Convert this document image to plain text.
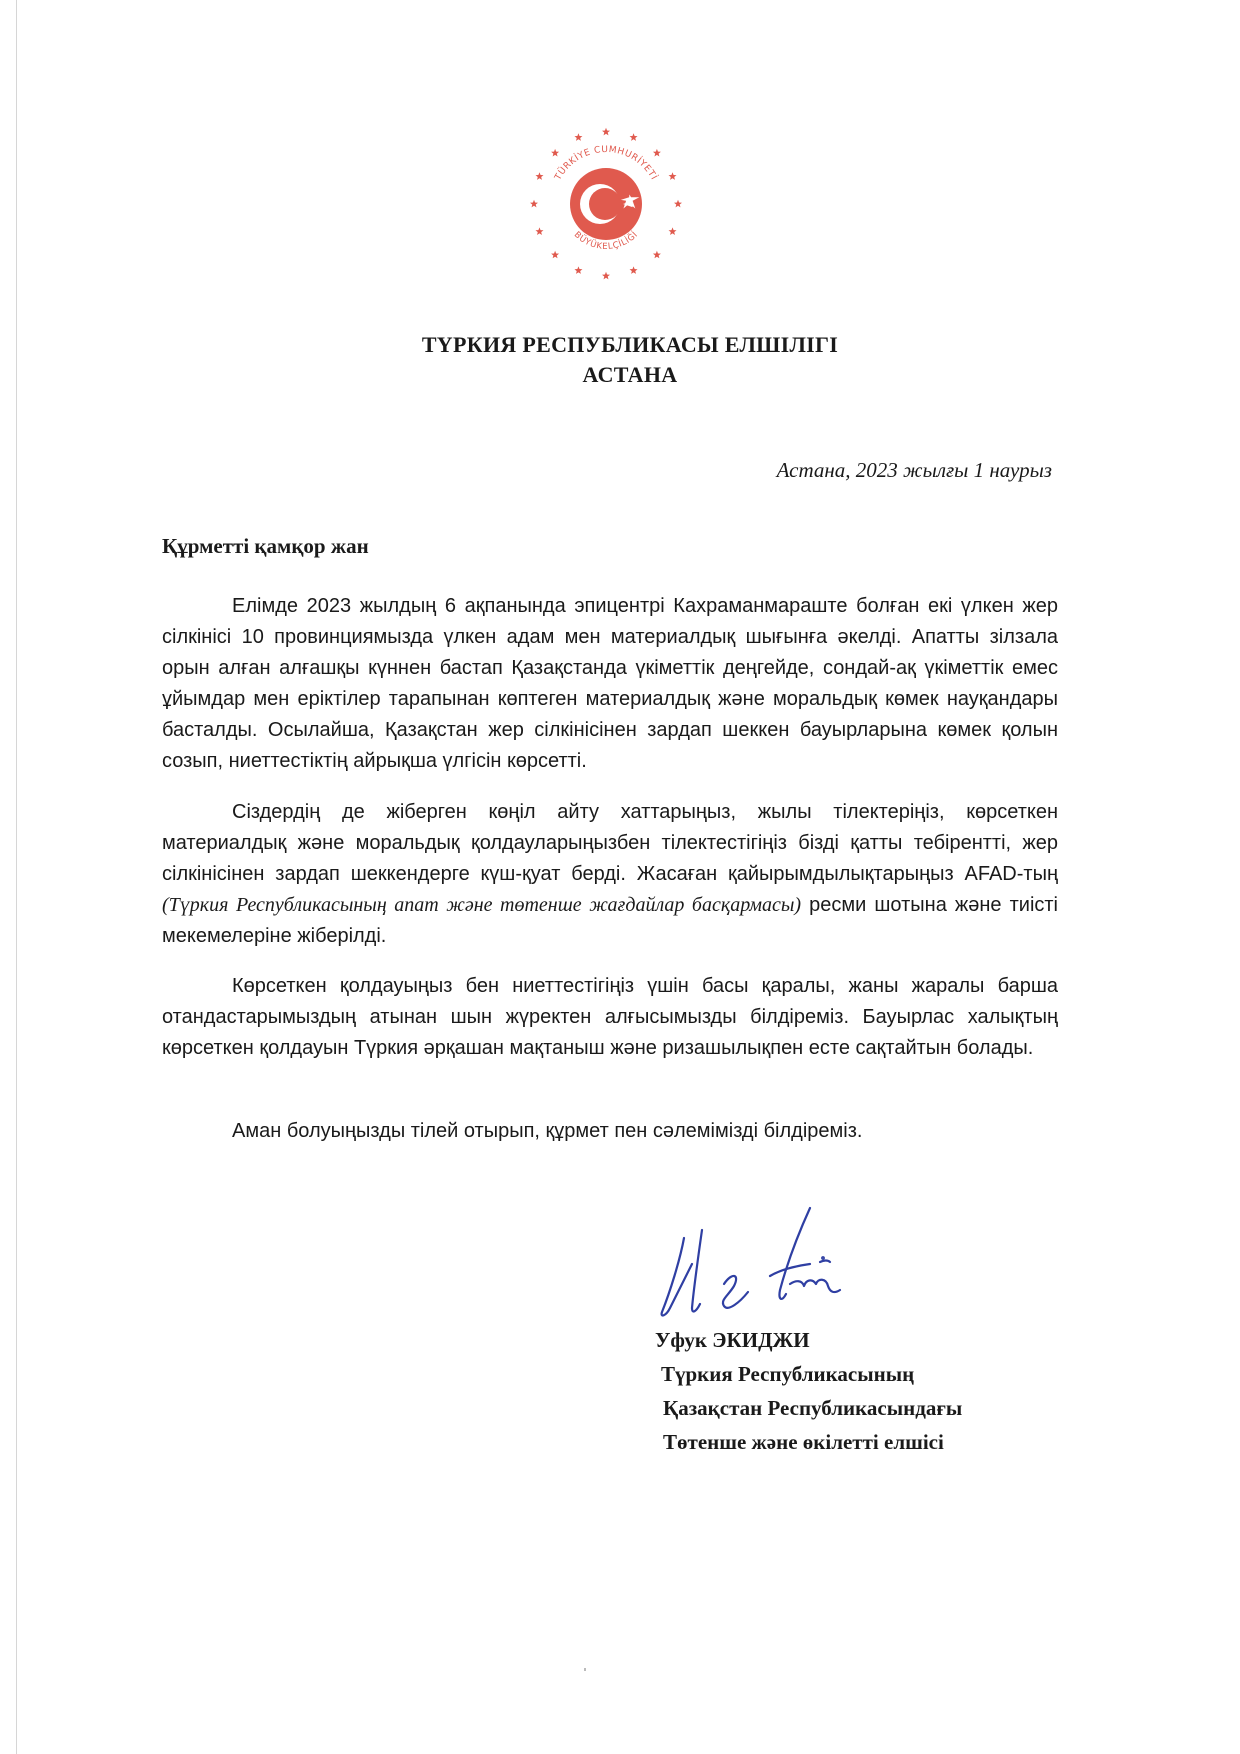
TÜRKİYE CUMHURİYETİ
BÜYÜKELÇİLİĞİ
ТҮРКИЯ РЕСПУБЛИКАСЫ ЕЛШІЛІГІ
АСТАНА
Астана, 2023 жылғы 1 наурыз
Құрметті қамқор жан

Елімде 2023 жылдың 6 ақпанында эпицентрі Кахраманмараште болған екі үлкен жер сілкінісі 10 провинциямызда үлкен адам мен материалдық шығынға әкелді. Апатты зілзала орын алған алғашқы күннен бастап Қазақстанда үкіметтік деңгейде, сондай-ақ үкіметтік емес ұйымдар мен еріктілер тарапынан көптеген материалдық және моральдық көмек науқандары басталды. Осылайша, Қазақстан жер сілкінісінен зардап шеккен бауырларына көмек қолын созып, ниеттестіктің айрықша үлгісін көрсетті.

Сіздердің де жіберген көңіл айту хаттарыңыз, жылы тілектеріңіз, көрсеткен материалдық және моральдық қолдауларыңызбен тілектестігіңіз бізді қатты тебірентті, жер сілкінісінен зардап шеккендерге күш-қуат берді. Жасаған қайырымдылықтарыңыз AFAD-тың (Түркия Республикасының апат және төтенше жағдайлар басқармасы) ресми шотына және тиісті мекемелеріне жіберілді.

Көрсеткен қолдауыңыз бен ниеттестігіңіз үшін басы қаралы, жаны жаралы барша отандастарымыздың атынан шын жүректен алғысымызды білдіреміз. Бауырлас халықтың көрсеткен қолдауын Түркия әрқашан мақтаныш және ризашылықпен есте сақтайтын болады.

Аман болуыңызды тілей отырып, құрмет пен сәлемімізді білдіреміз.

Уфук ЭКИДЖИ
Түркия Республикасының
Қазақстан Республикасындағы
Төтенше және өкілетті елшісі
